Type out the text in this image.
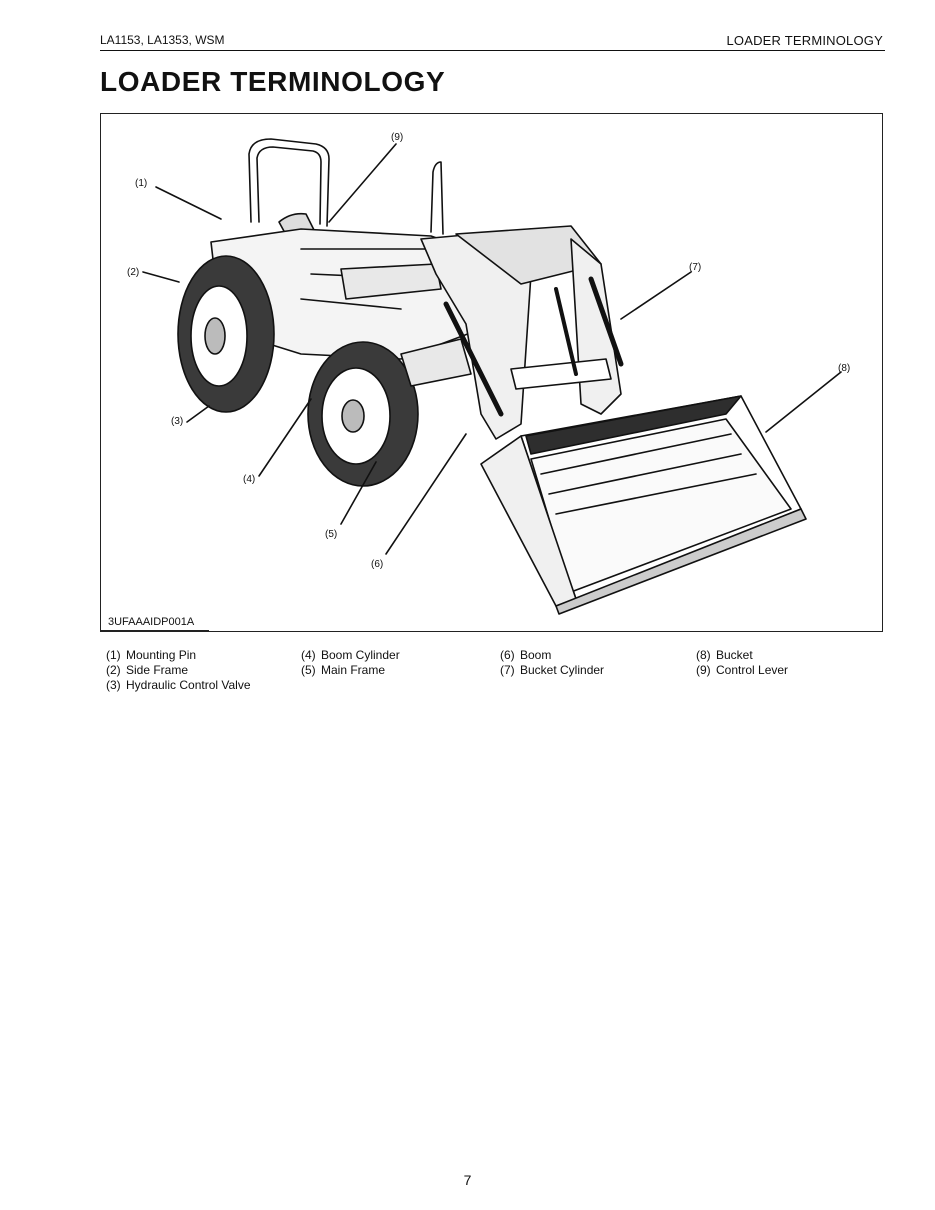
LA1153, LA1353, WSM	LOADER TERMINOLOGY
LOADER TERMINOLOGY
(1)
(2)
(3)
(4)
(5)
(6)
(7)
(8)
(9)
3UFAAAIDP001A
(1) Mounting Pin
(2) Side Frame
(3) Hydraulic Control Valve
(4) Boom Cylinder
(5) Main Frame
(6) Boom
(7) Bucket Cylinder
(8) Bucket
(9) Control Lever
7
